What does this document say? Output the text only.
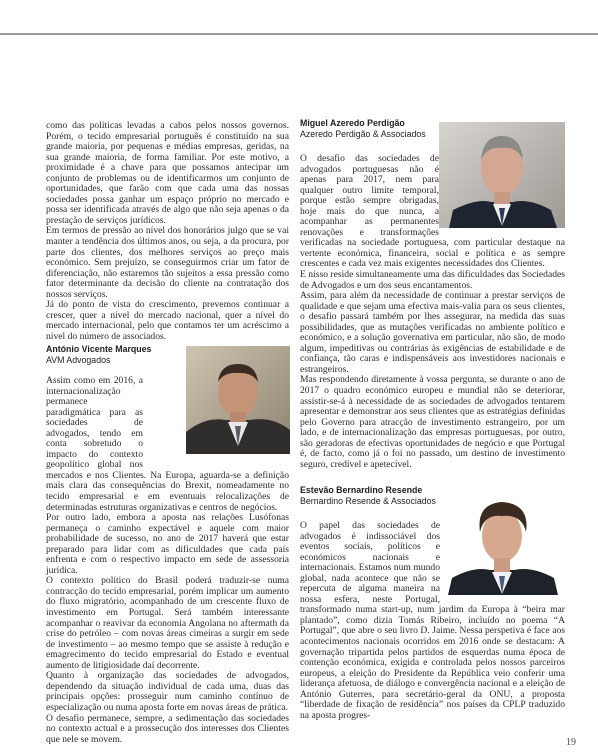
como das políticas levadas a cabos pelos nossos governos. Porém, o tecido empresarial português é constituído na sua grande maioria, por pequenas e médias empresas, geridas, na sua grande maioria, de forma familiar. Por este motivo, a proximidade é a chave para que possamos antecipar um conjunto de problemas ou de identificarmos um conjunto de oportunidades, que farão com que cada uma das nossas sociedades possa ganhar um espaço próprio no mercado e possa ser identificada através de algo que não seja apenas o da prestação de serviços jurídicos.

Em termos de pressão ao nível dos honorários julgo que se vai manter a tendência dos últimos anos, ou seja, a da procura, por parte dos clientes, dos melhores serviços ao preço mais económico. Sem prejuízo, se conseguirmos criar um fator de diferenciação, não estaremos tão sujeitos a essa pressão como fator determinante da decisão do cliente na contratação dos nossos serviços.

Já do ponto de vista do crescimento, prevemos continuar a crescer, quer a nível do mercado nacional, quer a nível do mercado internacional, pelo que contamos ter um acréscimo a nível do número de associados.

António Vicente Marques
AVM Advogados

Assim como em 2016, a internacionalização permanece paradigmática para as sociedades de advogados, tendo em conta sobretudo o impacto do contexto geopolítico global nos mercados e nos Clientes. Na Europa, aguarda-se a definição mais clara das consequências do Brexit, nomeadamente no tecido empresarial e em eventuais relocalizações de determinadas estruturas organizativas e centros de negócios.

Por outro lado, embora a aposta nas relações Lusófonas permaneça o caminho expectável e aquele com maior probabilidade de sucesso, no ano de 2017 haverá que estar preparado para lidar com as dificuldades que cada país enfrenta e com o respectivo impacto em sede de assessoria jurídica.

O contexto político do Brasil poderá traduzir-se numa contracção do tecido empresarial, porém implicar um aumento do fluxo migratório, acompanhado de um crescente fluxo de investimento em Portugal. Será também interessante acompanhar o reavivar da economia Angolana no aftermath da crise do petróleo – com novas áreas cimeiras a surgir em sede de investimento – ao mesmo tempo que se assiste à redução e emagrecimento do tecido empresarial do Estado e eventual aumento de litigiosidade daí decorrente.

Quanto à organização das sociedades de advogados, dependendo da situação individual de cada uma, duas das principais opções: prosseguir num caminho contínuo de especialização ou numa aposta forte em novas áreas de prática.

O desafio permanece, sempre, a sedimentação das sociedades no contexto actual e a prossecução dos interesses dos Clientes que nele se movem.

Miguel Azeredo Perdigão
Azeredo Perdigão & Associados

O desafio das sociedades de advogados portuguesas não é apenas para 2017, nem para qualquer outro limite temporal, porque estão sempre obrigadas, hoje mais do que nunca, a acompanhar as permanentes renovações e transformações verificadas na sociedade portuguesa, com particular destaque na vertente económica, financeira, social e política e as sempre crescentes e cada vez mais exigentes necessidades dos Clientes.

E nisso reside simultaneamente uma das dificuldades das Sociedades de Advogados e um dos seus encantamentos.

Assim, para além da necessidade de continuar a prestar serviços de qualidade e que sejam uma efectiva mais-valia para os seus clientes, o desafio passará também por lhes assegurar, na medida das suas possibilidades, que as mutações verificadas no ambiente político e económico, e a solução governativa em particular, não são, de modo algum, impeditivas ou contrárias às exigências de estabilidade e de confiança, tão caras e indispensáveis aos investidores nacionais e estrangeiros.

Mas respondendo diretamente à vossa pergunta, se durante o ano de 2017 o quadro económico europeu e mundial não se deteriorar, assistir-se-á à necessidade de as sociedades de advogados tentarem apresentar e demonstrar aos seus clientes que as estratégias definidas pelo Governo para atracção de investimento estrangeiro, por um lado, e de internacionalização das empresas portuguesas, por outro, são geradoras de efectivas oportunidades de negócio e que Portugal é, de facto, como já o foi no passado, um destino de investimento seguro, credível e apetecível.

Estevão Bernardino Resende
Bernardino Resende & Associados

O papel das sociedades de advogados é indissociável dos eventos sociais, políticos e económicos nacionais e internacionais. Estamos num mundo global, nada acontece que não se repercuta de alguma maneira na nossa esfera, neste Portugal, transformado numa start-up, num jardim da Europa à “beira mar plantado”, como dizia Tomás Ribeiro, incluído no poema “A Portugal”, que abre o seu livro D. Jaime. Nessa perspetiva é face aos acontecimentos nacionais ocorridos em 2016 onde se destacam: A governação tripartida pelos partidos de esquerdas numa época de contenção económica, exigida e controlada pelos nossos parceiros europeus, a eleição do Presidente da República veio conferir uma liderança afetuosa, de diálogo e convergência nacional e a eleição de António Guterres, para secretário-geral da ONU, a proposta “liberdade de fixação de residência” nos países da CPLP traduzido na aposta progres-

19
